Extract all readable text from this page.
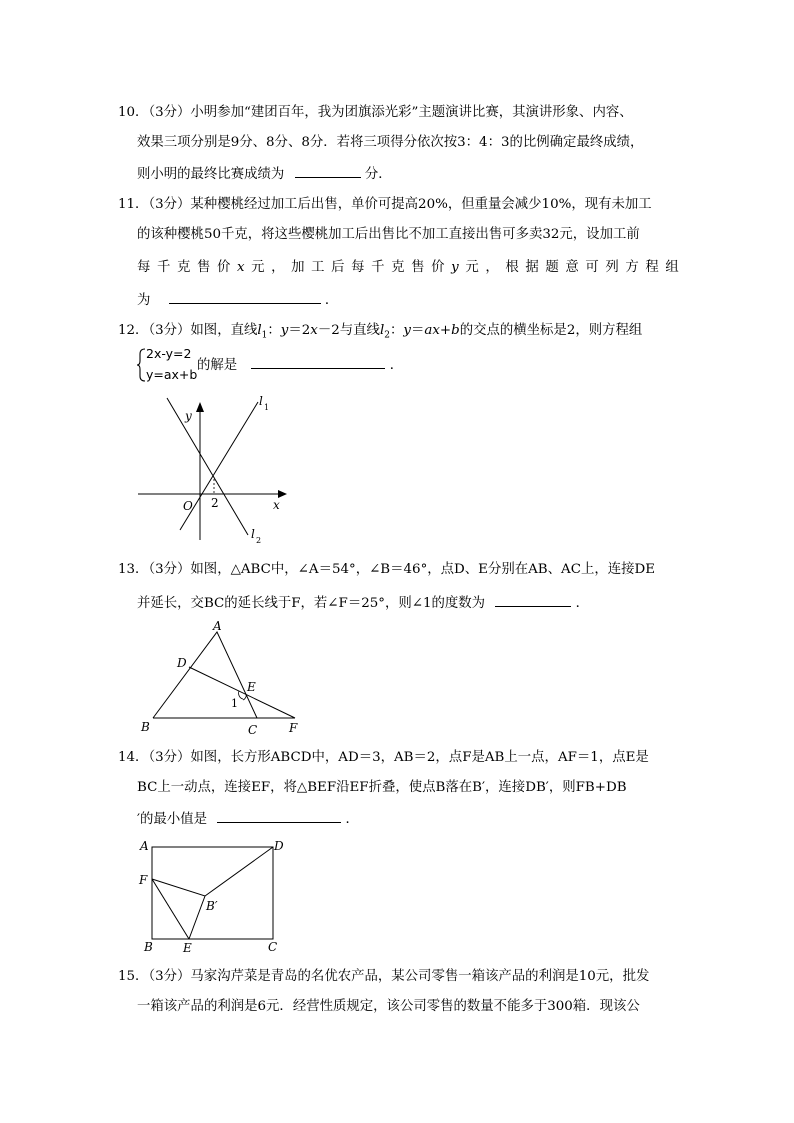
10．（3分）小明参加“建团百年，我为团旗添光彩”主题演讲比赛，其演讲形象、内容、
效果三项分别是9分、8分、8分．若将三项得分依次按3：4：3的比例确定最终成绩，
则小明的最终比赛成绩为	分．
11．（3分）某种樱桃经过加工后出售，单价可提高20%，但重量会减少10%，现有未加工
的该种樱桃50千克，将这些樱桃加工后出售比不加工直接出售可多卖32元，设加工前
每 千 克 售 价 x 元 ， 加 工 后 每 千 克 售 价 y 元 ， 根 据 题 意 可 列 方 程 组
为	．
12．（3分）如图，直线$l_1$：y＝2x－2与直线$l_2$：y＝ax+b的交点的横坐标是2，则方程组
2x-y=2
y=ax+b
的解是	．
y
x
O 2
l 1
l 2
13．（3分）如图，△ABC中，∠A＝54°，∠B＝46°，点D、E分别在AB、AC上，连接DE
并延长，交BC的延长线于F，若∠F＝25°，则∠1的度数为	．
A
B	C
D
E
F
1
14．（3分）如图，长方形ABCD中，AD＝3，AB＝2，点F是AB上一点，AF＝1，点E是
BC上一动点，连接EF，将△BEF沿EF折叠，使点B落在B′，连接DB′，则FB+DB
′的最小值是	．
A	D
F
B′
B	E	C
15．（3分）马家沟芹菜是青岛的名优农产品，某公司零售一箱该产品的利润是10元，批发
一箱该产品的利润是6元．经营性质规定，该公司零售的数量不能多于300箱．现该公
